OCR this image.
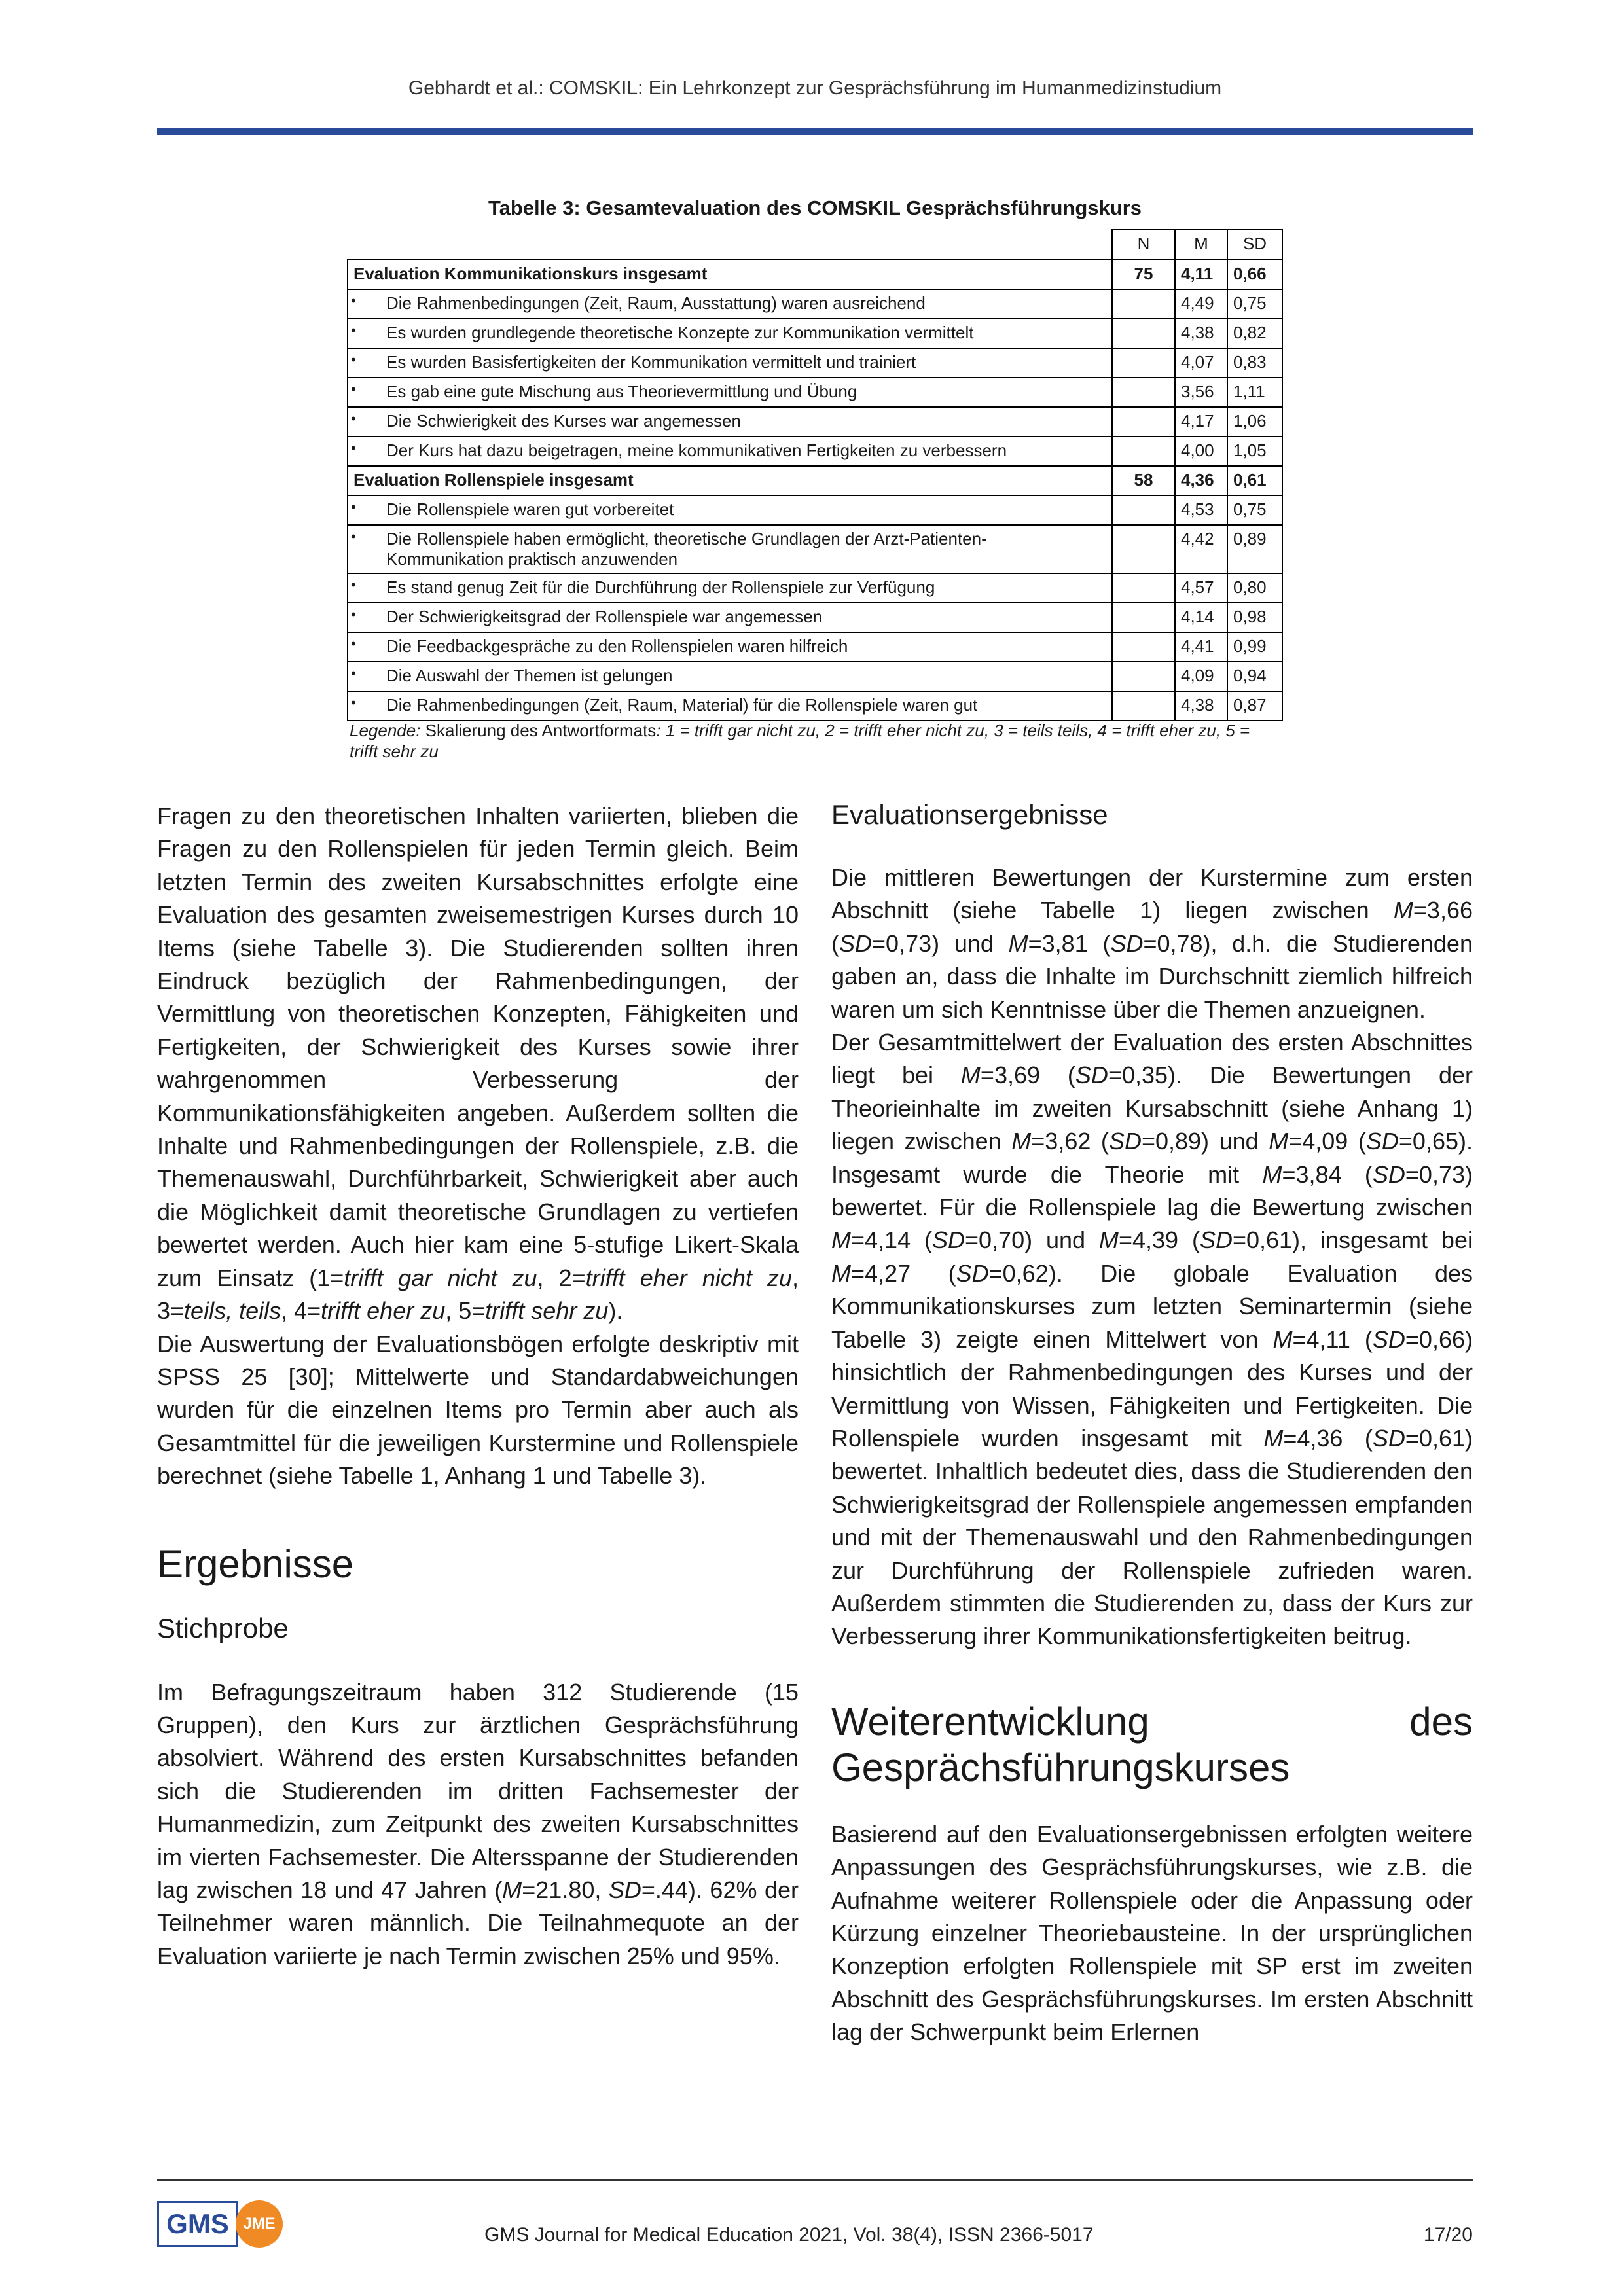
Gebhardt et al.: COMSKIL: Ein Lehrkonzept zur Gesprächsführung im Humanmedizinstudium
Tabelle 3: Gesamtevaluation des COMSKIL Gesprächsführungskurs
	N	M	SD
Evaluation Kommunikationskurs insgesamt	75	4,11	0,66
• Die Rahmenbedingungen (Zeit, Raum, Ausstattung) waren ausreichend		4,49	0,75
• Es wurden grundlegende theoretische Konzepte zur Kommunikation vermittelt		4,38	0,82
• Es wurden Basisfertigkeiten der Kommunikation vermittelt und trainiert		4,07	0,83
• Es gab eine gute Mischung aus Theorievermittlung und Übung		3,56	1,11
• Die Schwierigkeit des Kurses war angemessen		4,17	1,06
• Der Kurs hat dazu beigetragen, meine kommunikativen Fertigkeiten zu verbessern		4,00	1,05
Evaluation Rollenspiele insgesamt	58	4,36	0,61
• Die Rollenspiele waren gut vorbereitet		4,53	0,75
• Die Rollenspiele haben ermöglicht, theoretische Grundlagen der Arzt-Patienten-Kommunikation praktisch anzuwenden		4,42	0,89
• Es stand genug Zeit für die Durchführung der Rollenspiele zur Verfügung		4,57	0,80
• Der Schwierigkeitsgrad der Rollenspiele war angemessen		4,14	0,98
• Die Feedbackgespräche zu den Rollenspielen waren hilfreich		4,41	0,99
• Die Auswahl der Themen ist gelungen		4,09	0,94
• Die Rahmenbedingungen (Zeit, Raum, Material) für die Rollenspiele waren gut		4,38	0,87
Legende: Skalierung des Antwortformats: 1 = trifft gar nicht zu, 2 = trifft eher nicht zu, 3 = teils teils, 4 = trifft eher zu, 5 = trifft sehr zu

Fragen zu den theoretischen Inhalten variierten, blieben die Fragen zu den Rollenspielen für jeden Termin gleich. Beim letzten Termin des zweiten Kursabschnittes erfolgte eine Evaluation des gesamten zweisemestrigen Kurses durch 10 Items (siehe Tabelle 3). Die Studierenden sollten ihren Eindruck bezüglich der Rahmenbedingungen, der Vermittlung von theoretischen Konzepten, Fähigkeiten und Fertigkeiten, der Schwierigkeit des Kurses sowie ihrer wahrgenommen Verbesserung der Kommunikationsfähigkeiten angeben. Außerdem sollten die Inhalte und Rahmenbedingungen der Rollenspiele, z.B. die Themenauswahl, Durchführbarkeit, Schwierigkeit aber auch die Möglichkeit damit theoretische Grundlagen zu vertiefen bewertet werden. Auch hier kam eine 5-stufige Likert-Skala zum Einsatz (1=trifft gar nicht zu, 2=trifft eher nicht zu, 3=teils, teils, 4=trifft eher zu, 5=trifft sehr zu).

Die Auswertung der Evaluationsbögen erfolgte deskriptiv mit SPSS 25 [30]; Mittelwerte und Standardabweichungen wurden für die einzelnen Items pro Termin aber auch als Gesamtmittel für die jeweiligen Kurstermine und Rollenspiele berechnet (siehe Tabelle 1, Anhang 1 und Tabelle 3).

Ergebnisse
Stichprobe

Im Befragungszeitraum haben 312 Studierende (15 Gruppen), den Kurs zur ärztlichen Gesprächsführung absolviert. Während des ersten Kursabschnittes befanden sich die Studierenden im dritten Fachsemester der Humanmedizin, zum Zeitpunkt des zweiten Kursabschnittes im vierten Fachsemester. Die Altersspanne der Studierenden lag zwischen 18 und 47 Jahren (M=21.80, SD=.44). 62% der Teilnehmer waren männlich. Die Teilnahmequote an der Evaluation variierte je nach Termin zwischen 25% und 95%.

Evaluationsergebnisse

Die mittleren Bewertungen der Kurstermine zum ersten Abschnitt (siehe Tabelle 1) liegen zwischen M=3,66 (SD=0,73) und M=3,81 (SD=0,78), d.h. die Studierenden gaben an, dass die Inhalte im Durchschnitt ziemlich hilfreich waren um sich Kenntnisse über die Themen anzueignen.

Der Gesamtmittelwert der Evaluation des ersten Abschnittes liegt bei M=3,69 (SD=0,35). Die Bewertungen der Theorieinhalte im zweiten Kursabschnitt (siehe Anhang 1) liegen zwischen M=3,62 (SD=0,89) und M=4,09 (SD=0,65). Insgesamt wurde die Theorie mit M=3,84 (SD=0,73) bewertet. Für die Rollenspiele lag die Bewertung zwischen M=4,14 (SD=0,70) und M=4,39 (SD=0,61), insgesamt bei M=4,27 (SD=0,62). Die globale Evaluation des Kommunikationskurses zum letzten Seminartermin (siehe Tabelle 3) zeigte einen Mittelwert von M=4,11 (SD=0,66) hinsichtlich der Rahmenbedingungen des Kurses und der Vermittlung von Wissen, Fähigkeiten und Fertigkeiten. Die Rollenspiele wurden insgesamt mit M=4,36 (SD=0,61) bewertet. Inhaltlich bedeutet dies, dass die Studierenden den Schwierigkeitsgrad der Rollenspiele angemessen empfanden und mit der Themenauswahl und den Rahmenbedingungen zur Durchführung der Rollenspiele zufrieden waren. Außerdem stimmten die Studierenden zu, dass der Kurs zur Verbesserung ihrer Kommunikationsfertigkeiten beitrug.

Weiterentwicklung des Gesprächsführungskurses

Basierend auf den Evaluationsergebnissen erfolgten weitere Anpassungen des Gesprächsführungskurses, wie z.B. die Aufnahme weiterer Rollenspiele oder die Anpassung oder Kürzung einzelner Theoriebausteine. In der ursprünglichen Konzeption erfolgten Rollenspiele mit SP erst im zweiten Abschnitt des Gesprächsführungskurses. Im ersten Abschnitt lag der Schwerpunkt beim Erlernen

GMS JME
GMS Journal for Medical Education 2021, Vol. 38(4), ISSN 2366-5017	17/20
